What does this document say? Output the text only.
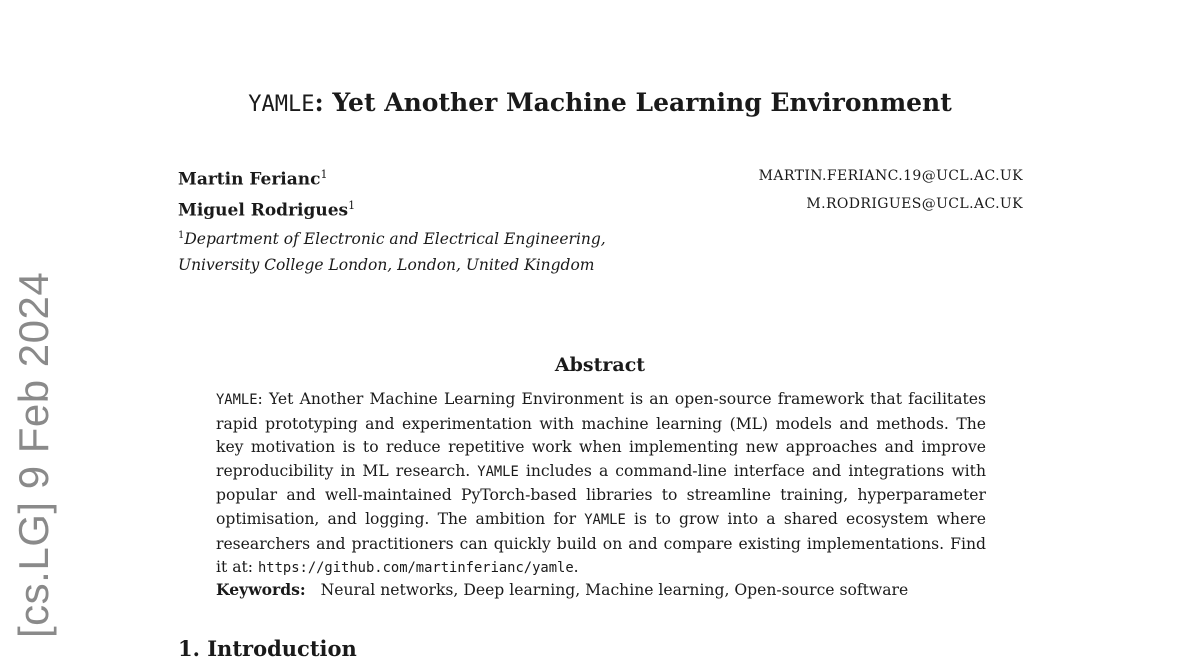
[cs.LG] 9 Feb 2024
YAMLE: Yet Another Machine Learning Environment
Martin Ferianc$^1$
Miguel Rodrigues$^1$
$^1$Department of Electronic and Electrical Engineering,
University College London, London, United Kingdom
MARTIN.FERIANC.19@UCL.AC.UK
M.RODRIGUES@UCL.AC.UK
Abstract
YAMLE: Yet Another Machine Learning Environment is an open-source framework that facilitates rapid prototyping and experimentation with machine learning (ML) models and methods. The key motivation is to reduce repetitive work when implementing new approaches and improve reproducibility in ML research. YAMLE includes a command-line interface and integrations with popular and well-maintained PyTorch-based libraries to streamline training, hyperparameter optimisation, and logging. The ambition for YAMLE is to grow into a shared ecosystem where researchers and practitioners can quickly build on and compare existing implementations. Find it at: https://github.com/martinferianc/yamle.
Keywords: Neural networks, Deep learning, Machine learning, Open-source software
1. Introduction
